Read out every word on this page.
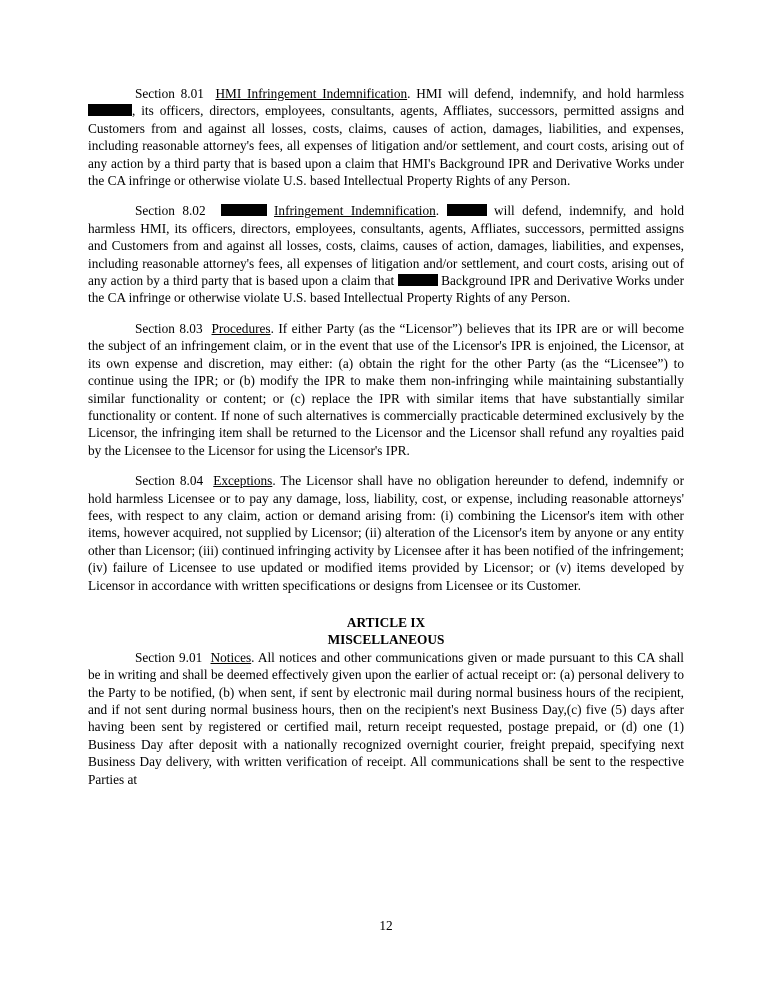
Section 8.01 HMI Infringement Indemnification. HMI will defend, indemnify, and hold harmless , its officers, directors, employees, consultants, agents, Affliates, successors, permitted assigns and Customers from and against all losses, costs, claims, causes of action, damages, liabilities, and expenses, including reasonable attorney's fees, all expenses of litigation and/or settlement, and court costs, arising out of any action by a third party that is based upon a claim that HMI's Background IPR and Derivative Works under the CA infringe or otherwise violate U.S. based Intellectual Property Rights of any Person.

Section 8.02	Infringement Indemnification.	will defend, indemnify, and hold harmless HMI, its officers, directors, employees, consultants, agents, Affliates, successors, permitted assigns and Customers from and against all losses, costs, claims, causes of action, damages, liabilities, and expenses, including reasonable attorney's fees, all expenses of litigation and/or settlement, and court costs, arising out of any action by a third party that is based upon a claim that	Background IPR and Derivative Works under the CA infringe or otherwise violate U.S. based Intellectual Property Rights of any Person.

Section 8.03 Procedures. If either Party (as the “Licensor”) believes that its IPR are or will become the subject of an infringement claim, or in the event that use of the Licensor's IPR is enjoined, the Licensor, at its own expense and discretion, may either: (a) obtain the right for the other Party (as the “Licensee”) to continue using the IPR; or (b) modify the IPR to make them non-infringing while maintaining substantially similar functionality or content; or (c) replace the IPR with similar items that have substantially similar functionality or content. If none of such alternatives is commercially practicable determined exclusively by the Licensor, the infringing item shall be returned to the Licensor and the Licensor shall refund any royalties paid by the Licensee to the Licensor for using the Licensor's IPR.

Section 8.04 Exceptions. The Licensor shall have no obligation hereunder to defend, indemnify or hold harmless Licensee or to pay any damage, loss, liability, cost, or expense, including reasonable attorneys' fees, with respect to any claim, action or demand arising from: (i) combining the Licensor's item with other items, however acquired, not supplied by Licensor; (ii) alteration of the Licensor's item by anyone or any entity other than Licensor; (iii) continued infringing activity by Licensee after it has been notified of the infringement; (iv) failure of Licensee to use updated or modified items provided by Licensor; or (v) items developed by Licensor in accordance with written specifications or designs from Licensee or its Customer.

ARTICLE IX
MISCELLANEOUS

Section 9.01 Notices. All notices and other communications given or made pursuant to this CA shall be in writing and shall be deemed effectively given upon the earlier of actual receipt or: (a) personal delivery to the Party to be notified, (b) when sent, if sent by electronic mail during normal business hours of the recipient, and if not sent during normal business hours, then on the recipient's next Business Day,(c) five (5) days after having been sent by registered or certified mail, return receipt requested, postage prepaid, or (d) one (1) Business Day after deposit with a nationally recognized overnight courier, freight prepaid, specifying next Business Day delivery, with written verification of receipt. All communications shall be sent to the respective Parties at

12
